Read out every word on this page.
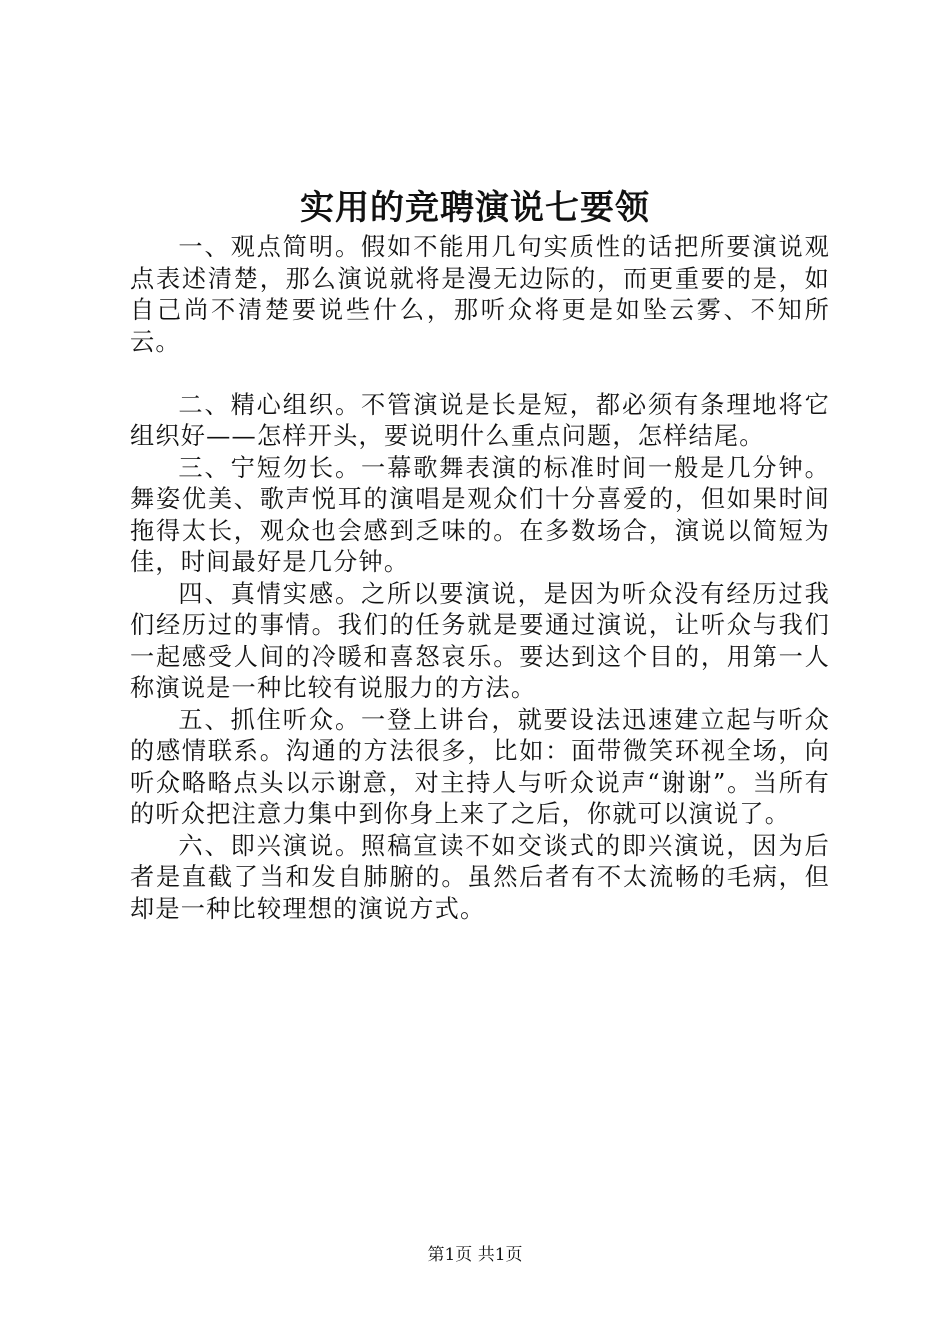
实用的竞聘演说七要领

一、观点简明。假如不能用几句实质性的话把所要演说观点表述清楚，那么演说就将是漫无边际的，而更重要的是，如自己尚不清楚要说些什么，那听众将更是如坠云雾、不知所云。

二、精心组织。不管演说是长是短，都必须有条理地将它组织好——怎样开头，要说明什么重点问题，怎样结尾。

三、宁短勿长。一幕歌舞表演的标准时间一般是几分钟。舞姿优美、歌声悦耳的演唱是观众们十分喜爱的，但如果时间拖得太长，观众也会感到乏味的。在多数场合，演说以简短为佳，时间最好是几分钟。

四、真情实感。之所以要演说，是因为听众没有经历过我们经历过的事情。我们的任务就是要通过演说，让听众与我们一起感受人间的冷暖和喜怒哀乐。要达到这个目的，用第一人称演说是一种比较有说服力的方法。

五、抓住听众。一登上讲台，就要设法迅速建立起与听众的感情联系。沟通的方法很多，比如：面带微笑环视全场，向听众略略点头以示谢意，对主持人与听众说声“谢谢”。当所有的听众把注意力集中到你身上来了之后，你就可以演说了。

六、即兴演说。照稿宣读不如交谈式的即兴演说，因为后者是直截了当和发自肺腑的。虽然后者有不太流畅的毛病，但却是一种比较理想的演说方式。

第1页 共1页
